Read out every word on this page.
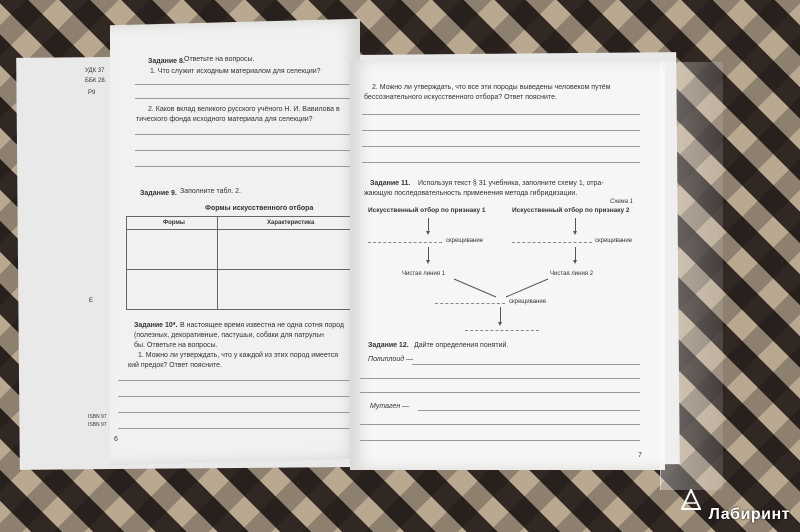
УДК 37
ББК 28.
Р9
Е
ISBN 97
ISBN 97
Задание 8. Ответьте на вопросы.
1. Что служит исходным материалом для селекции?
2. Каков вклад великого русского учёного Н. И. Вавилова в
тического фонда исходного материала для селекции?
Задание 9. Заполните табл. 2.
Формы искусственного отбора
Формы	Характеристика
Задание 10*. В настоящее время известна не одна сотня пород
(полезных, декоративные, пастушьи, собаки для патрульн
бы. Ответьте на вопросы.
1. Можно ли утверждать, что у каждой из этих пород имеется
кий предок? Ответ поясните.
6
2. Можно ли утверждать, что все эти породы выведены человеком путём
бессознательного искусственного отбора? Ответ поясните.
Задание 11. Используя текст § 31 учебника, заполните схему 1, отра-
жающую последовательность применения метода гибридизации.
Схема 1
Искусственный отбор по признаку 1	Искусственный отбор по признаку 2
скрещивание	скрещивание
Чистая линия 1	Чистая линия 2
скрещивание
Задание 12. Дайте определения понятий.
Полиплоид —
Мутаген —
7
Лабиринт
